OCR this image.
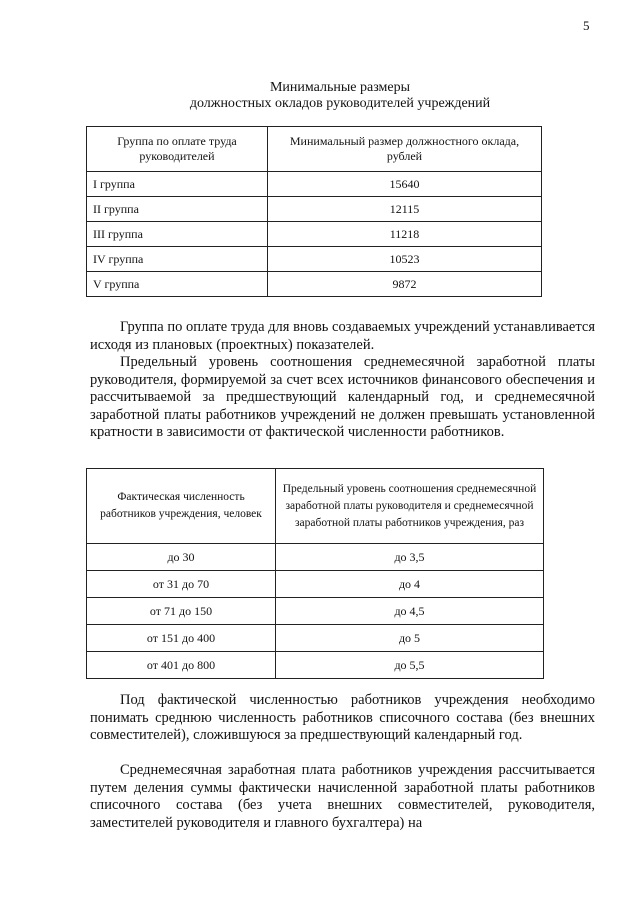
5
Минимальные размеры
должностных окладов руководителей учреждений
Группа по оплате труда руководителей	Минимальный размер должностного оклада, рублей
I группа	15640
II группа	12115
III группа	11218
IV группа	10523
V группа	9872

Группа по оплате труда для вновь создаваемых учреждений устанавливается исходя из плановых (проектных) показателей.

Предельный уровень соотношения среднемесячной заработной платы руководителя, формируемой за счет всех источников финансового обеспечения и рассчитываемой за предшествующий календарный год, и среднемесячной заработной платы работников учреждений не должен превышать установленной кратности в зависимости от фактической численности работников.

Фактическая численность работников учреждения, человек	Предельный уровень соотношения среднемесячной заработной платы руководителя и среднемесячной заработной платы работников учреждения, раз
до 30	до 3,5
от 31 до 70	до 4
от 71 до 150	до 4,5
от 151 до 400	до 5
от 401 до 800	до 5,5

Под фактической численностью работников учреждения необходимо понимать среднюю численность работников списочного состава (без внешних совместителей), сложившуюся за предшествующий календарный год.

Среднемесячная заработная плата работников учреждения рассчитывается путем деления суммы фактически начисленной заработной платы работников списочного состава (без учета внешних совместителей, руководителя, заместителей руководителя и главного бухгалтера) на
